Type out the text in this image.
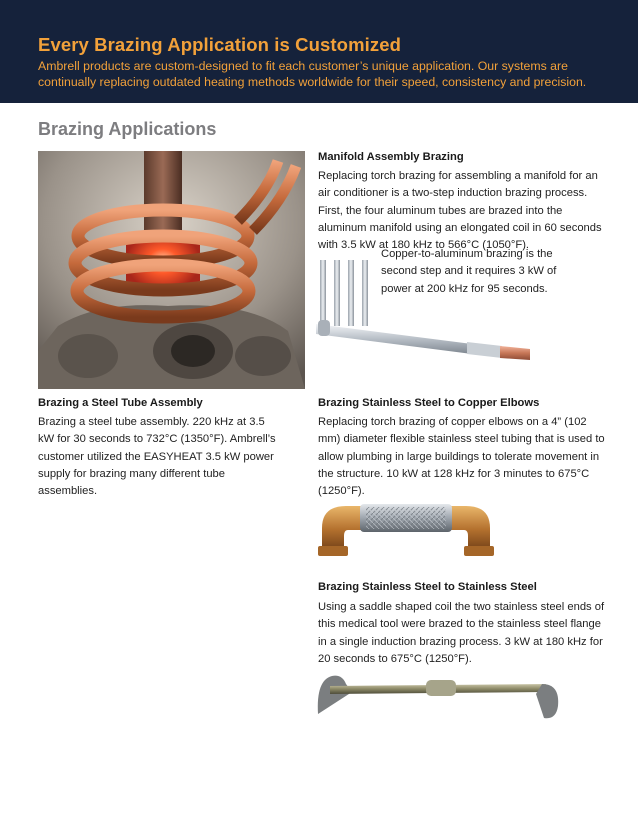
Every Brazing Application is Customized
Ambrell products are custom-designed to fit each customer’s unique application. Our systems are continually replacing outdated heating methods worldwide for their speed, consistency and precision.
Brazing Applications
Manifold Assembly Brazing
Replacing torch brazing for assembling a manifold for an air conditioner is a two-step induction brazing process. First, the four aluminum tubes are brazed into the aluminum manifold using an elongated coil in 60 seconds with 3.5 kW at 180 kHz to 566°C (1050°F).
Copper-to-aluminum brazing is the second step and it requires 3 kW of power at 200 kHz for 95 seconds.
Brazing a Steel Tube Assembly
Brazing a steel tube assembly. 220 kHz at 3.5 kW for 30 seconds to 732°C (1350°F). Ambrell’s customer utilized the EASYHEAT 3.5 kW power supply for brazing many different tube assemblies.
Brazing Stainless Steel to Copper Elbows
Replacing torch brazing of copper elbows on a 4” (102 mm) diameter flexible stainless steel tubing that is used to allow plumbing in large buildings to tolerate movement in the structure. 10 kW at 128 kHz for 3 minutes to 675°C (1250°F).
Brazing Stainless Steel to Stainless Steel
Using a saddle shaped coil the two stainless steel ends of this medical tool were brazed to the stainless steel flange in a single induction brazing process. 3 kW at 180 kHz for 20 seconds to 675°C (1250°F).
